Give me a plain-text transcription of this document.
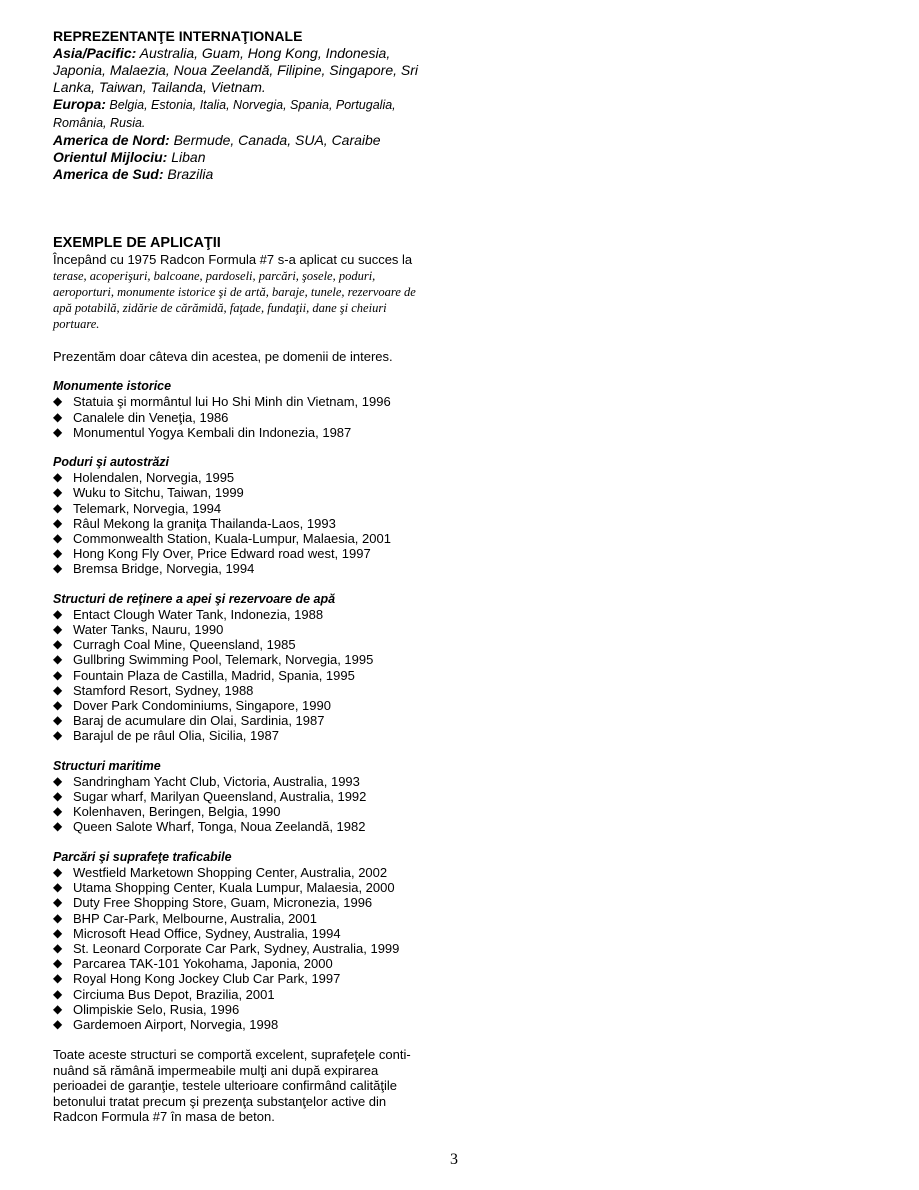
REPREZENTANŢE INTERNAŢIONALE
Asia/Pacific: Australia, Guam, Hong Kong, Indonesia, Japonia, Malaezia, Noua Zeelandă, Filipine, Singapore, Sri Lanka, Taiwan, Tailanda, Vietnam.
Europa: Belgia, Estonia, Italia, Norvegia, Spania, Portugalia, România, Rusia.
America de Nord: Bermude, Canada, SUA, Caraibe
Orientul Mijlociu: Liban
America de Sud: Brazilia
EXEMPLE DE APLICAŢII
Începând cu 1975 Radcon Formula #7 s-a aplicat cu succes la
terase, acoperişuri, balcoane, pardoseli, parcări, şosele, poduri, aeroporturi, monumente istorice şi de artă, baraje, tunele, rezervoare de apă potabilă, zidărie de cărămidă, faţade, fundaţii, dane şi cheiuri portuare.
Prezentăm doar câteva din acestea, pe domenii de interes.
Monumente istorice
◆ Statuia şi mormântul lui Ho Shi Minh din Vietnam, 1996
◆ Canalele din Veneţia, 1986
◆ Monumentul Yogya Kembali din Indonezia, 1987
Poduri şi autostrăzi
◆ Holendalen, Norvegia, 1995
◆ Wuku to Sitchu, Taiwan, 1999
◆ Telemark, Norvegia, 1994
◆ Râul Mekong la graniţa Thailanda-Laos, 1993
◆ Commonwealth Station, Kuala-Lumpur, Malaesia, 2001
◆ Hong Kong Fly Over, Price Edward road west, 1997
◆ Bremsa Bridge, Norvegia, 1994
Structuri de reţinere a apei şi rezervoare de apă
◆ Entact Clough Water Tank, Indonezia, 1988
◆ Water Tanks, Nauru, 1990
◆ Curragh Coal Mine, Queensland, 1985
◆ Gullbring Swimming Pool, Telemark, Norvegia, 1995
◆ Fountain Plaza de Castilla, Madrid, Spania, 1995
◆ Stamford Resort, Sydney, 1988
◆ Dover Park Condominiums, Singapore, 1990
◆ Baraj de acumulare din Olai, Sardinia, 1987
◆ Barajul de pe râul Olia, Sicilia, 1987
Structuri maritime
◆ Sandringham Yacht Club, Victoria, Australia, 1993
◆ Sugar wharf, Marilyan Queensland, Australia, 1992
◆ Kolenhaven, Beringen, Belgia, 1990
◆ Queen Salote Wharf, Tonga, Noua Zeelandă, 1982
Parcări şi suprafeţe traficabile
◆ Westfield Marketown Shopping Center, Australia, 2002
◆ Utama Shopping Center, Kuala Lumpur, Malaesia, 2000
◆ Duty Free Shopping Store, Guam, Micronezia, 1996
◆ BHP Car-Park, Melbourne, Australia, 2001
◆ Microsoft Head Office, Sydney, Australia, 1994
◆ St. Leonard Corporate Car Park, Sydney, Australia, 1999
◆ Parcarea TAK-101 Yokohama, Japonia, 2000
◆ Royal Hong Kong Jockey Club Car Park, 1997
◆ Circiuma Bus Depot, Brazilia, 2001
◆ Olimpiskie Selo, Rusia, 1996
◆ Gardemoen Airport, Norvegia, 1998
Toate aceste structuri se comportă excelent, suprafeţele conti-nuând să rămână impermeabile mulţi ani după expirarea perioadei de garanţie, testele ulterioare confirmând calităţile betonului tratat precum şi prezenţa substanţelor active din Radcon Formula #7 în masa de beton.
3
